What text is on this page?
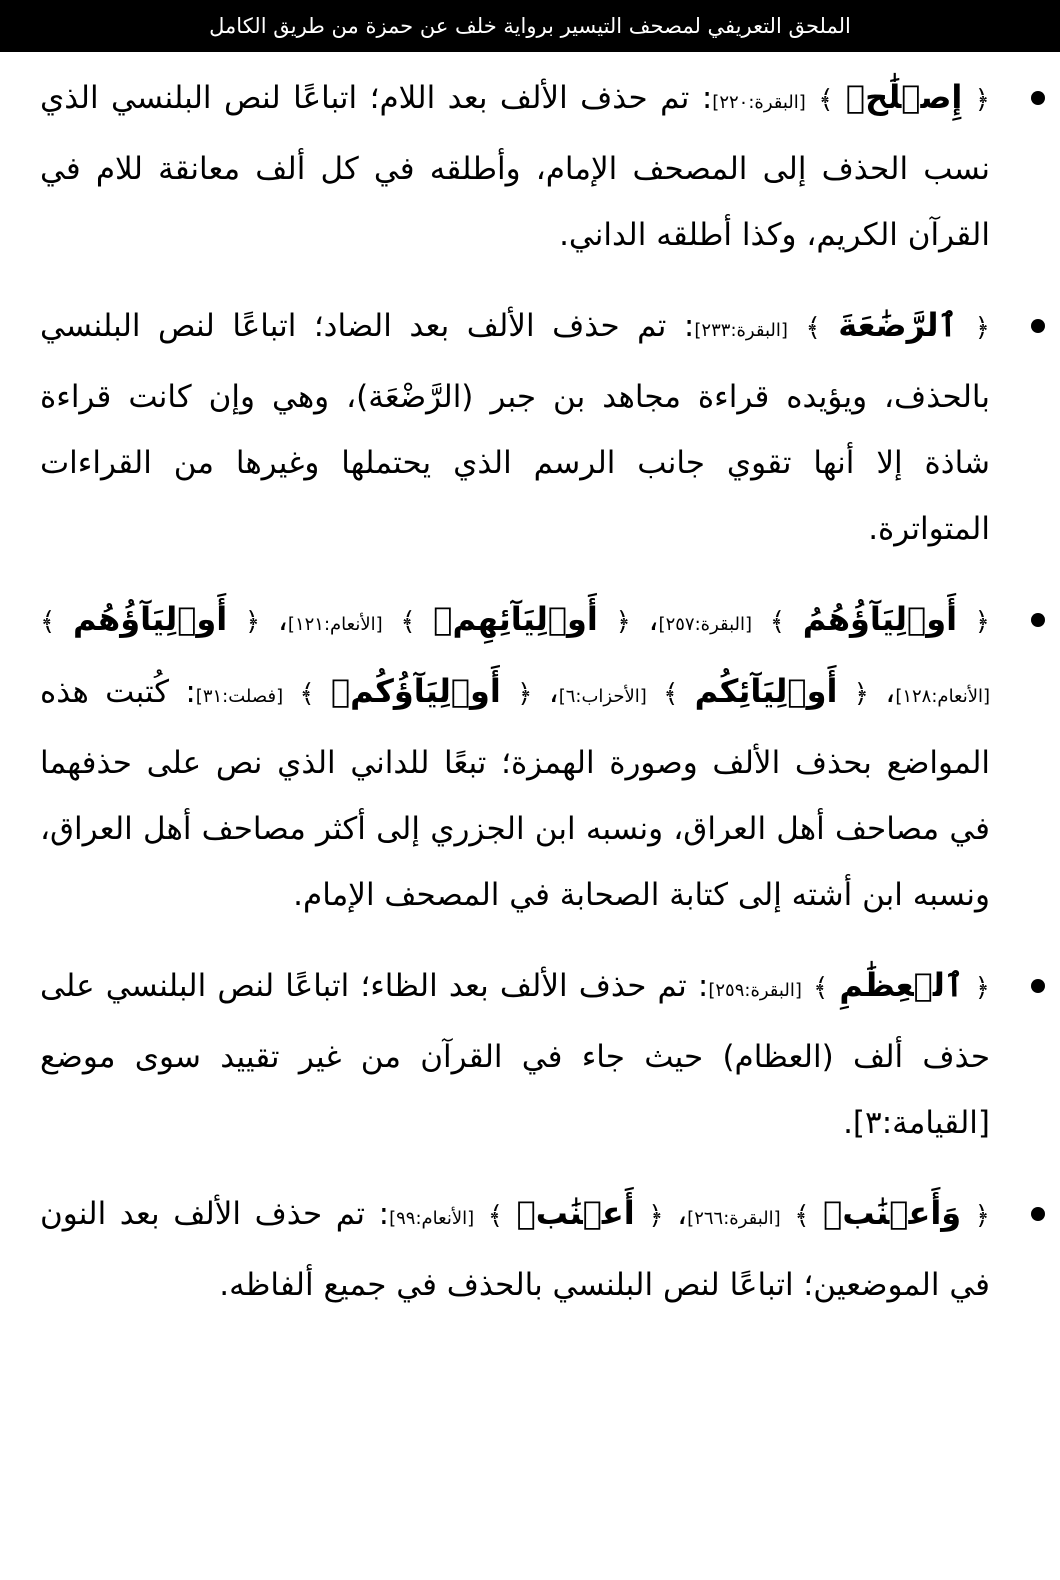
الملحق التعريفي لمصحف التيسير برواية خلف عن حمزة من طريق الكامل
﴿ إِصۡلَٰحٞ ﴾ [البقرة:٢٢٠]: تم حذف الألف بعد اللام؛ اتباعًا لنص البلنسي الذي نسب الحذف إلى المصحف الإمام، وأطلقه في كل ألف معانقة للام في القرآن الكريم، وكذا أطلقه الداني.
﴿ ٱلرَّضَٰعَةَ ﴾ [البقرة:٢٣٣]: تم حذف الألف بعد الضاد؛ اتباعًا لنص البلنسي بالحذف، ويؤيده قراءة مجاهد بن جبر (الرَّضْعَة)، وهي وإن كانت قراءة شاذة إلا أنها تقوي جانب الرسم الذي يحتملها وغيرها من القراءات المتواترة.
﴿ أَوۡلِيَآؤُهُمُ ﴾ [البقرة:٢٥٧]، ﴿ أَوۡلِيَآئِهِمۡ ﴾ [الأنعام:١٢١]، ﴿ أَوۡلِيَآؤُهُم ﴾ [الأنعام:١٢٨]، ﴿ أَوۡلِيَآئِكُم ﴾ [الأحزاب:٦]، ﴿ أَوۡلِيَآؤُكُمۡ ﴾ [فصلت:٣١]: كُتبت هذه المواضع بحذف الألف وصورة الهمزة؛ تبعًا للداني الذي نص على حذفهما في مصاحف أهل العراق، ونسبه ابن الجزري إلى أكثر مصاحف أهل العراق، ونسبه ابن أشته إلى كتابة الصحابة في المصحف الإمام.
﴿ ٱلۡعِظَٰمِ ﴾ [البقرة:٢٥٩]: تم حذف الألف بعد الظاء؛ اتباعًا لنص البلنسي على حذف ألف (العظام) حيث جاء في القرآن من غير تقييد سوى موضع [القيامة:٣].
﴿ وَأَعۡنَٰبٖ ﴾ [البقرة:٢٦٦]، ﴿ أَعۡنَٰبٖ ﴾ [الأنعام:٩٩]: تم حذف الألف بعد النون في الموضعين؛ اتباعًا لنص البلنسي بالحذف في جميع ألفاظه.
